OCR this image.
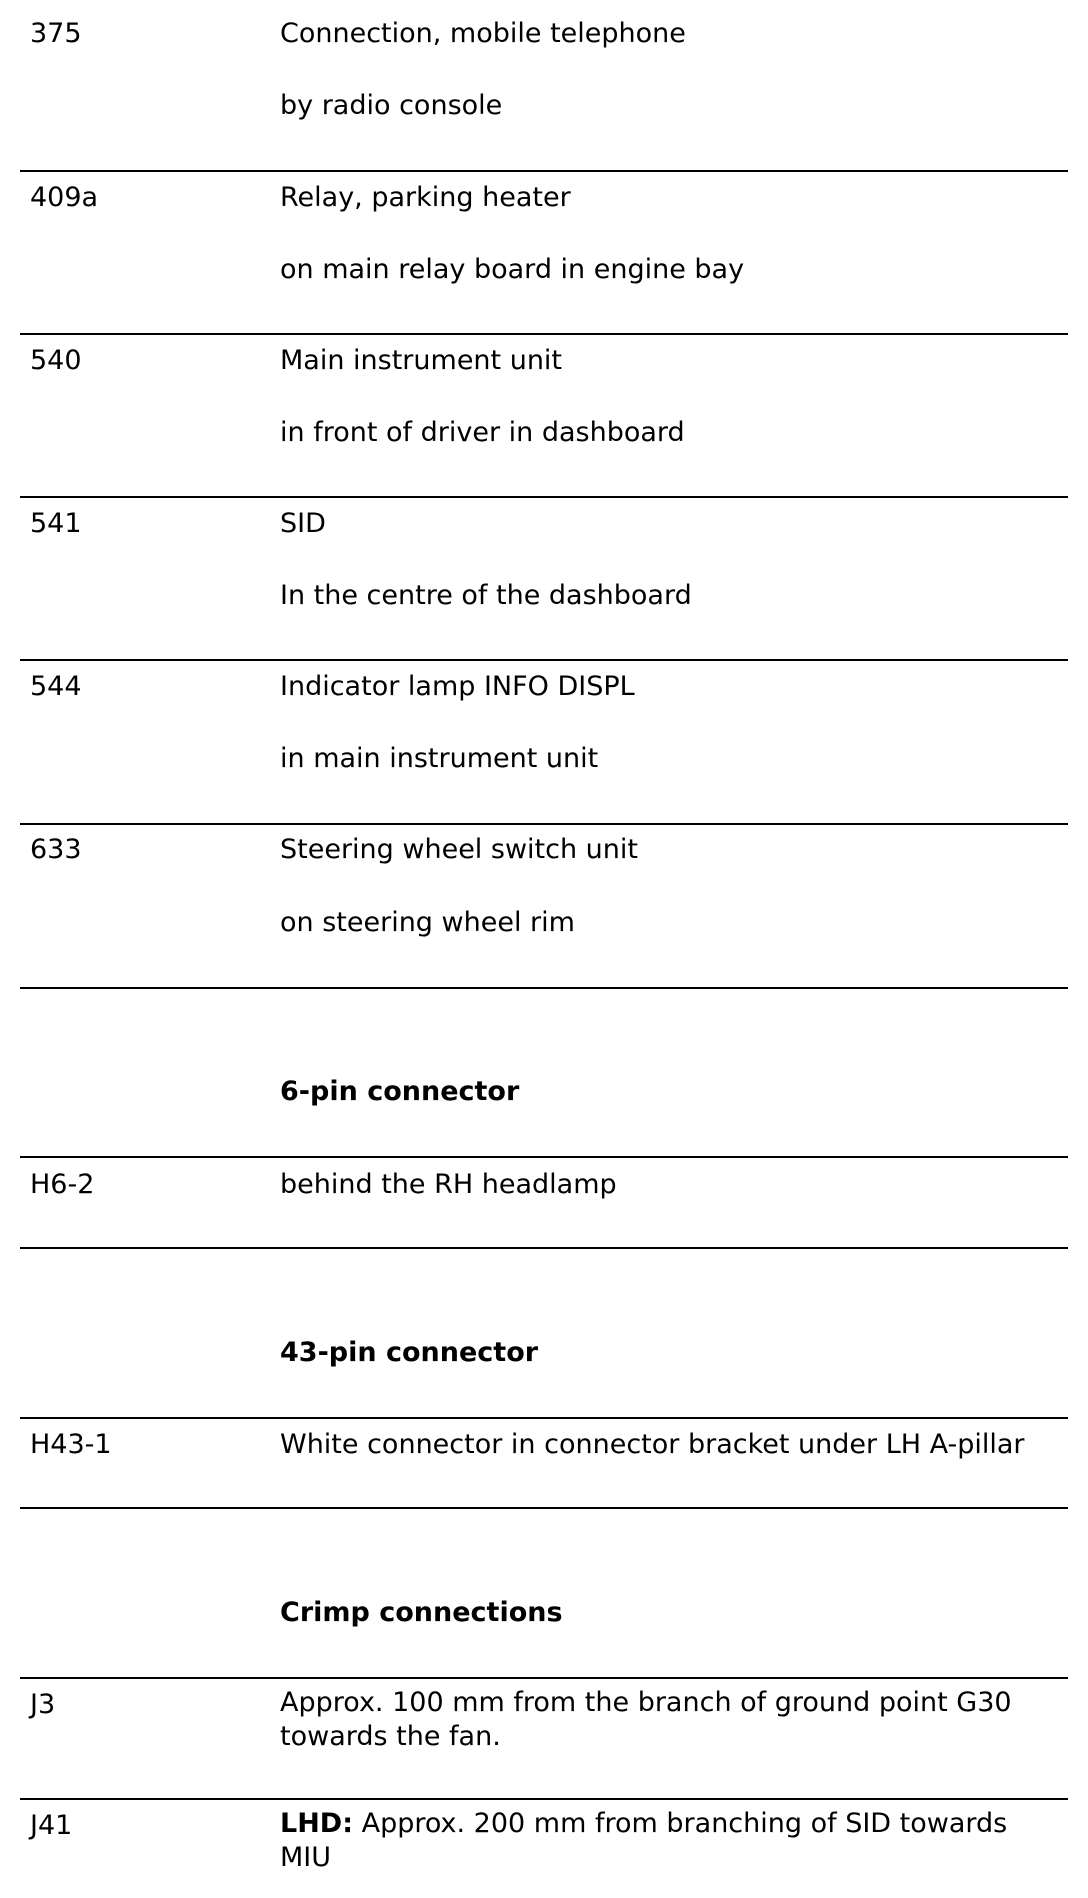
375	Connection, mobile telephone
by radio console
409a	Relay, parking heater
on main relay board in engine bay
540	Main instrument unit
in front of driver in dashboard
541	SID
In the centre of the dashboard
544	Indicator lamp INFO DISPL
in main instrument unit
633	Steering wheel switch unit
on steering wheel rim
6-pin connector
H6-2	behind the RH headlamp
43-pin connector
H43-1	White connector in connector bracket under LH A-pillar
Crimp connections
J3	Approx. 100 mm from the branch of ground point G30 towards the fan.
J41	LHD: Approx. 200 mm from branching of SID towards MIU
